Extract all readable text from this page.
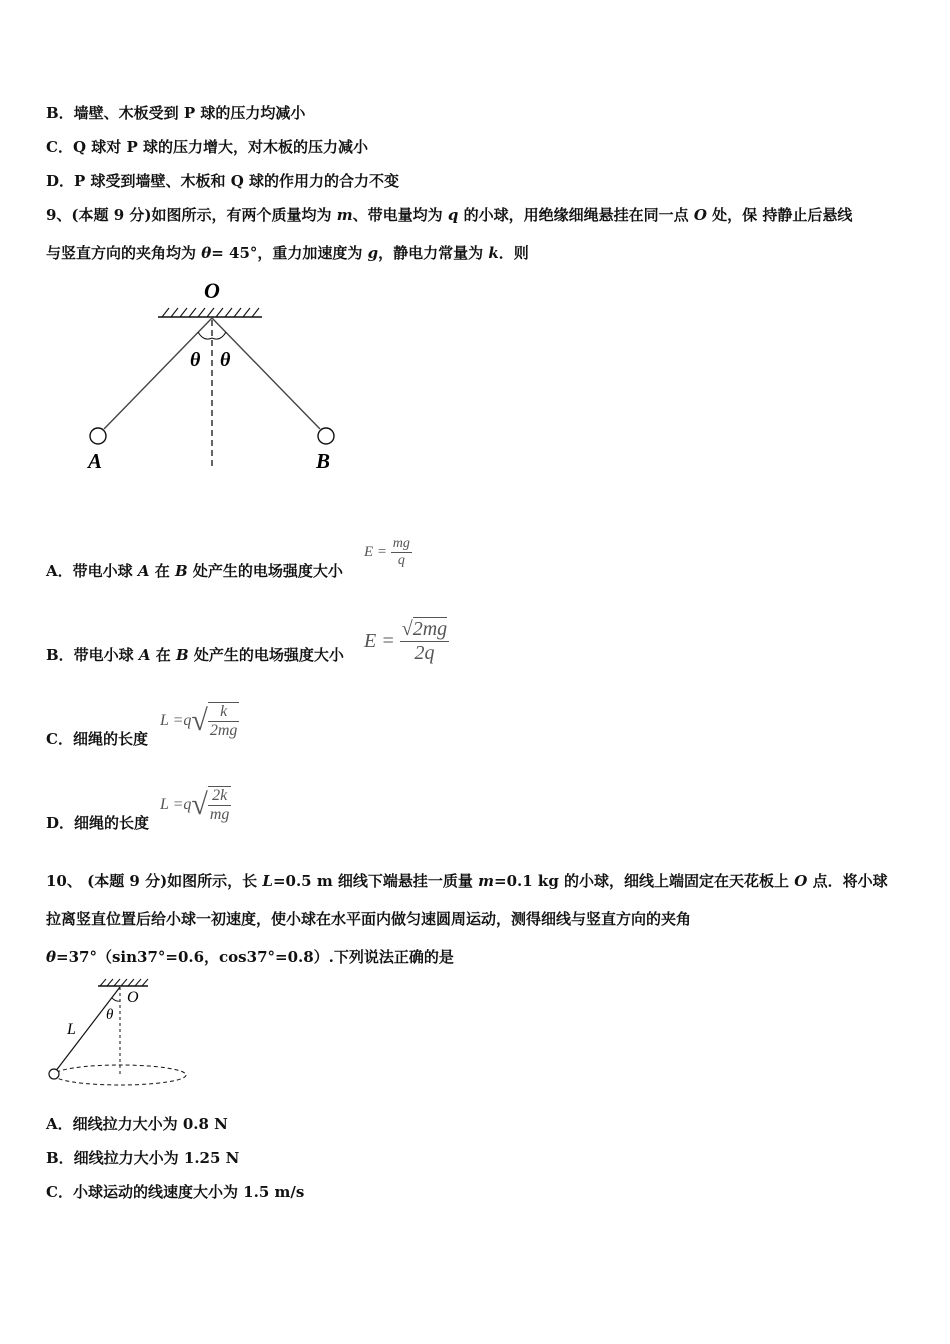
B．墙壁、木板受到 P 球的压力均减小
C．Q 球对 P 球的压力增大，对木板的压力减小
D．P 球受到墙壁、木板和 Q 球的作用力的合力不变
9、(本题 9 分)如图所示，有两个质量均为 m、带电量均为 q 的小球，用绝缘细绳悬挂在同一点 O 处，保 持静止后悬线
与竖直方向的夹角均为 θ= 45°，重力加速度为 g，静电力常量为 k．则
O
θ θ
A	B
A．带电小球 A 在 B 处产生的电场强度大小
$E = \frac{mg}{q}$
B．带电小球 A 在 B 处产生的电场强度大小
$E = \frac{√2mg}{2q}$
C．细绳的长度
$L =q√ \frac{k}{2mg}$
D．细绳的长度
$L =q√ \frac{2k}{mg}$
10、 (本题 9 分)如图所示，长 L=0.5 m 细线下端悬挂一质量 m=0.1 kg 的小球，细线上端固定在天花板上 O 点．将小球
拉离竖直位置后给小球一初速度，使小球在水平面内做匀速圆周运动，测得细线与竖直方向的夹角
θ=37°（sin37°=0.6，cos37°=0.8）.下列说法正确的是
O
θ
L
A．细线拉力大小为 0.8 N
B．细线拉力大小为 1.25 N
C．小球运动的线速度大小为 1.5 m/s
